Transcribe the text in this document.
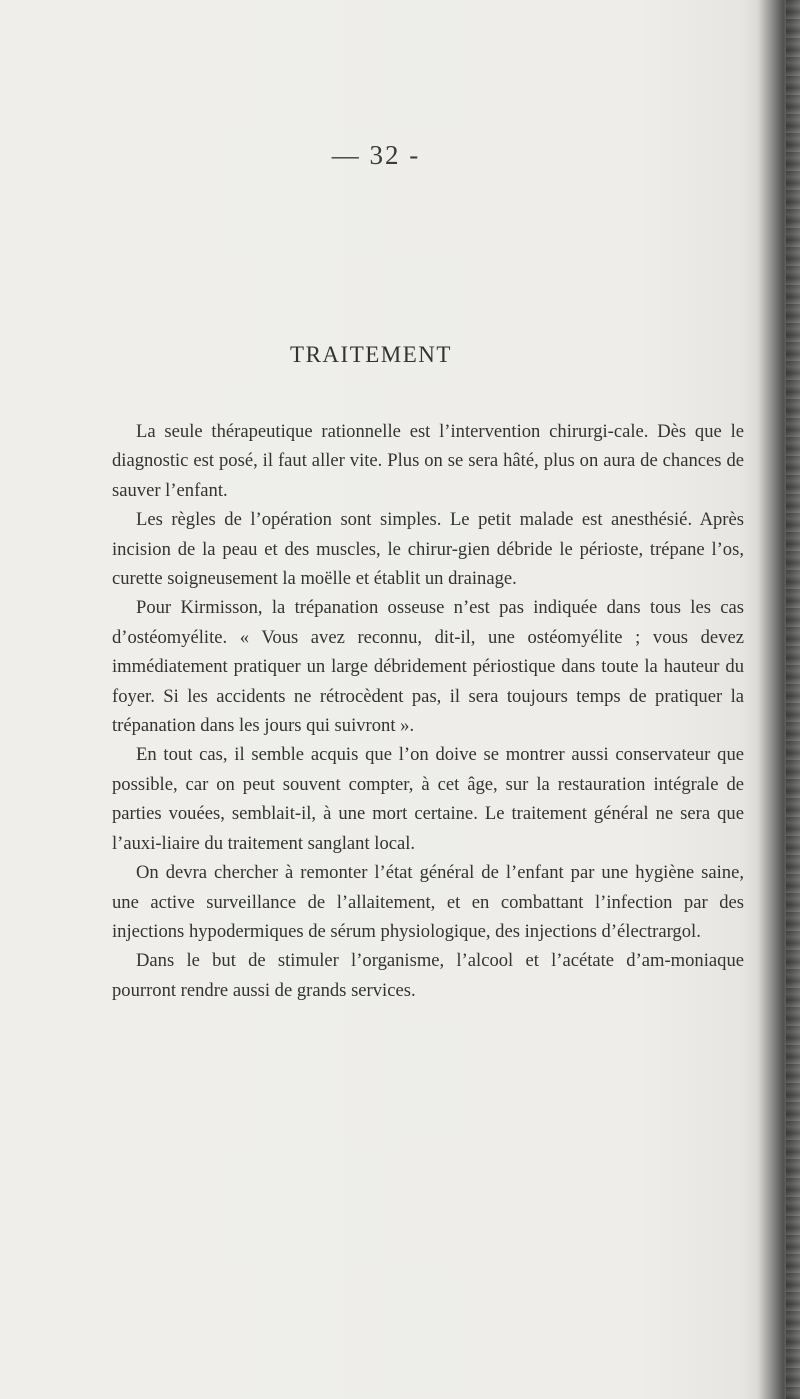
— 32 -
TRAITEMENT

La seule thérapeutique rationnelle est l’intervention chirurgi-cale. Dès que le diagnostic est posé, il faut aller vite. Plus on se sera hâté, plus on aura de chances de sauver l’enfant.

Les règles de l’opération sont simples. Le petit malade est anesthésié. Après incision de la peau et des muscles, le chirur-gien débride le périoste, trépane l’os, curette soigneusement la moëlle et établit un drainage.

Pour Kirmisson, la trépanation osseuse n’est pas indiquée dans tous les cas d’ostéomyélite. « Vous avez reconnu, dit-il, une ostéomyélite ; vous devez immédiatement pratiquer un large débridement périostique dans toute la hauteur du foyer. Si les accidents ne rétrocèdent pas, il sera toujours temps de pratiquer la trépanation dans les jours qui suivront ».

En tout cas, il semble acquis que l’on doive se montrer aussi conservateur que possible, car on peut souvent compter, à cet âge, sur la restauration intégrale de parties vouées, semblait-il, à une mort certaine. Le traitement général ne sera que l’auxi-liaire du traitement sanglant local.

On devra chercher à remonter l’état général de l’enfant par une hygiène saine, une active surveillance de l’allaitement, et en combattant l’infection par des injections hypodermiques de sérum physiologique, des injections d’électrargol.

Dans le but de stimuler l’organisme, l’alcool et l’acétate d’am-moniaque pourront rendre aussi de grands services.
